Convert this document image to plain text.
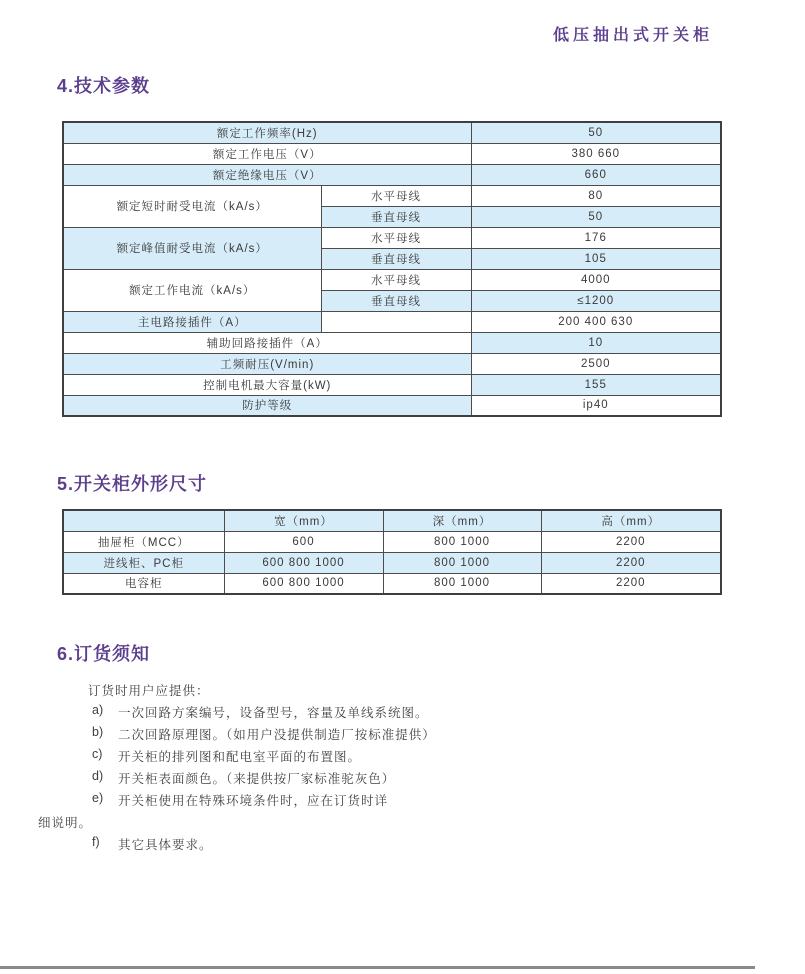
低压抽出式开关柜
4.技术参数
额定工作频率(Hz)		50
额定工作电压（V）		380 660
额定绝缘电压（V）		660
额定短时耐受电流（kA/s）	水平母线	80
	垂直母线	50
额定峰值耐受电流（kA/s）	水平母线	176
	垂直母线	105
额定工作电流（kA/s）	水平母线	4000
	垂直母线	≤1200
主电路接插件（A）		200 400 630
辅助回路接插件（A）		10
工频耐压(V/min)		2500
控制电机最大容量(kW)		155
防护等级		ip40
5.开关柜外形尺寸
	宽（mm）	深（mm）	高（mm）
抽屉柜（MCC）	600	800 1000	2200
进线柜、PC柜	600 800 1000	800 1000	2200
电容柜	600 800 1000	800 1000	2200
6.订货须知
订货时用户应提供：
a)	一次回路方案编号，设备型号，容量及单线系统图。
b)	二次回路原理图。（如用户没提供制造厂按标准提供）
c)	开关柜的排列图和配电室平面的布置图。
d)	开关柜表面颜色。（来提供按厂家标准驼灰色）
e)	开关柜使用在特殊环境条件时，应在订货时详
细说明。
f)	其它具体要求。
